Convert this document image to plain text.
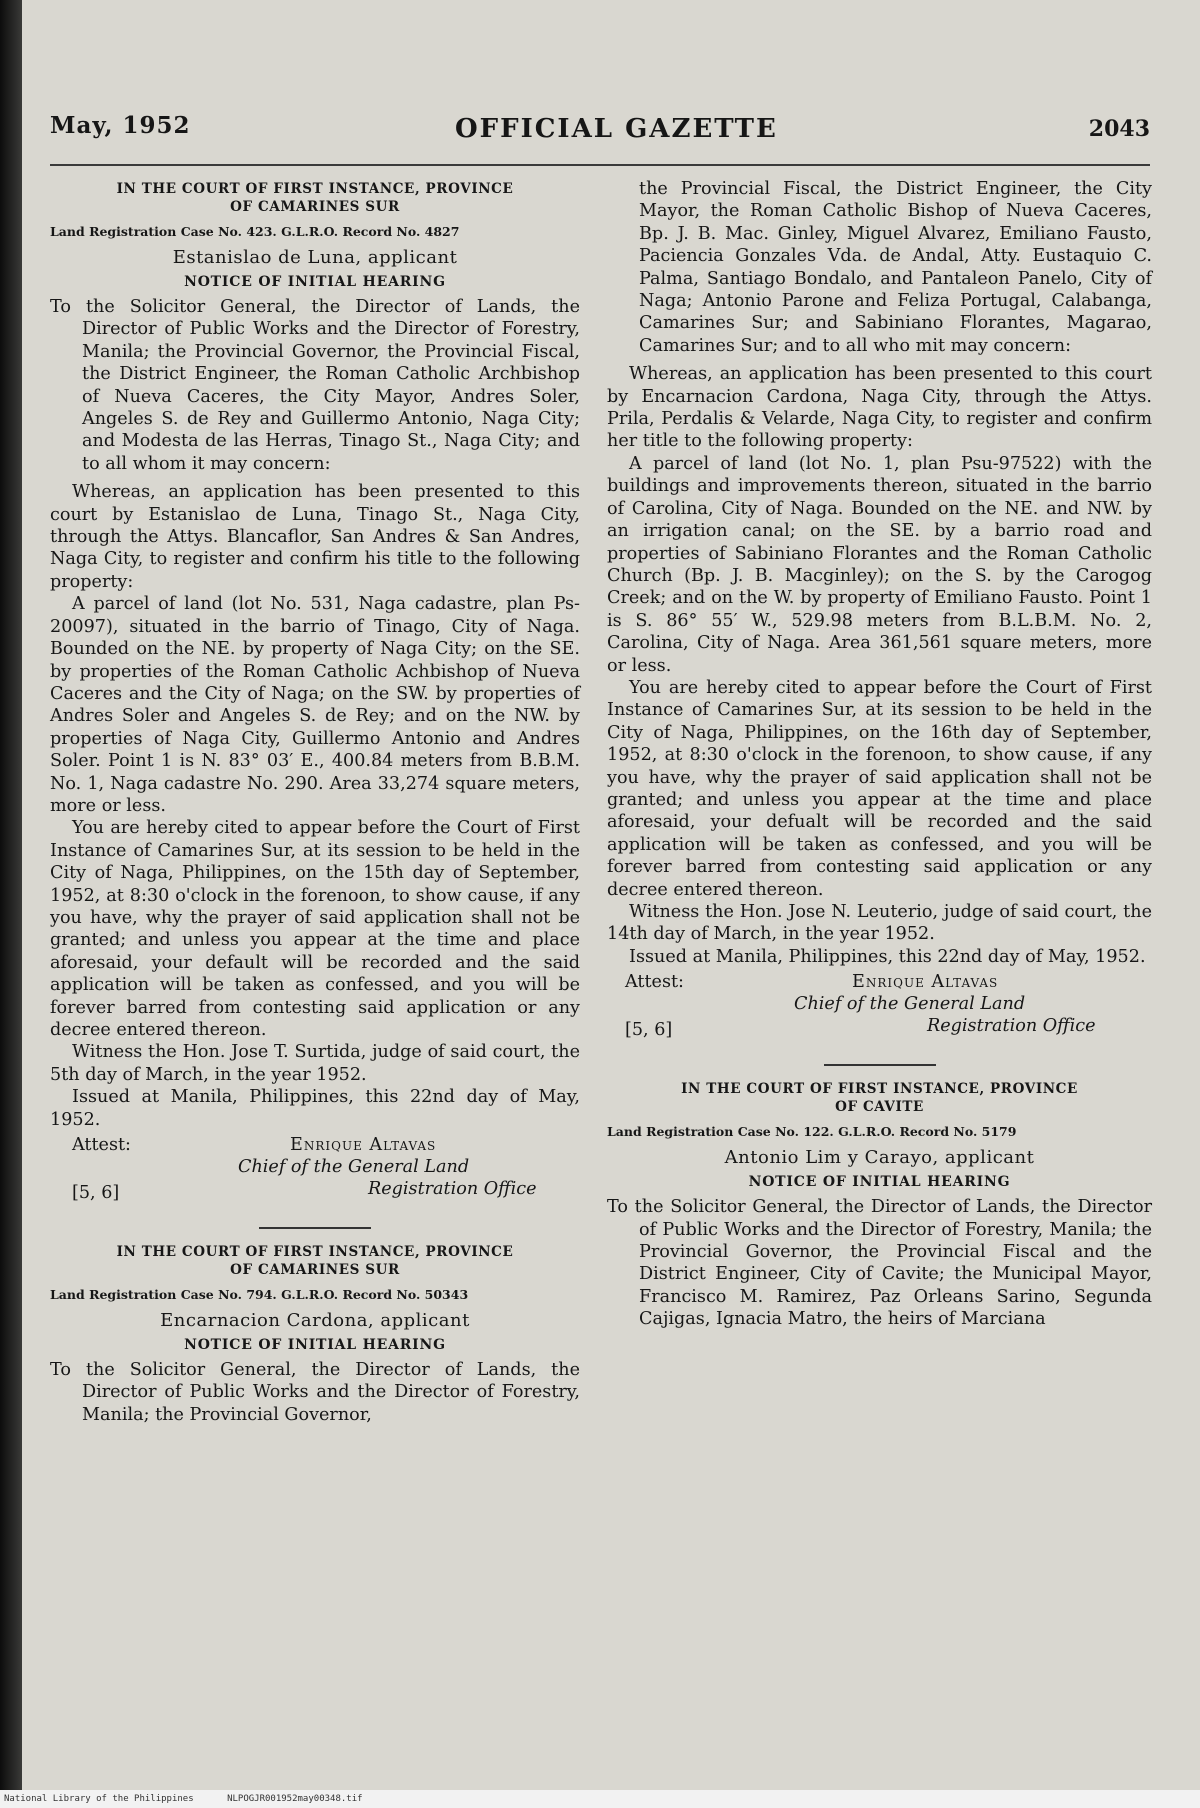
May, 1952	OFFICIAL GAZETTE	2043
IN THE COURT OF FIRST INSTANCE, PROVINCE
OF CAMARINES SUR
Land Registration Case No. 423. G.L.R.O. Record No. 4827
Estanislao de Luna, applicant
NOTICE OF INITIAL HEARING

To the Solicitor General, the Director of Lands, the Director of Public Works and the Director of Forestry, Manila; the Provincial Governor, the Provincial Fiscal, the District Engineer, the Roman Catholic Archbishop of Nueva Caceres, the City Mayor, Andres Soler, Angeles S. de Rey and Guillermo Antonio, Naga City; and Modesta de las Herras, Tinago St., Naga City; and to all whom it may concern:

Whereas, an application has been presented to this court by Estanislao de Luna, Tinago St., Naga City, through the Attys. Blancaflor, San Andres & San Andres, Naga City, to register and confirm his title to the following property:

A parcel of land (lot No. 531, Naga cadastre, plan Ps-20097), situated in the barrio of Tinago, City of Naga. Bounded on the NE. by property of Naga City; on the SE. by properties of the Roman Catholic Achbishop of Nueva Caceres and the City of Naga; on the SW. by properties of Andres Soler and Angeles S. de Rey; and on the NW. by properties of Naga City, Guillermo Antonio and Andres Soler. Point 1 is N. 83° 03′ E., 400.84 meters from B.B.M. No. 1, Naga cadastre No. 290. Area 33,274 square meters, more or less.

You are hereby cited to appear before the Court of First Instance of Camarines Sur, at its session to be held in the City of Naga, Philippines, on the 15th day of September, 1952, at 8:30 o'clock in the forenoon, to show cause, if any you have, why the prayer of said application shall not be granted; and unless you appear at the time and place aforesaid, your default will be recorded and the said application will be taken as confessed, and you will be forever barred from contesting said application or any decree entered thereon.

Witness the Hon. Jose T. Surtida, judge of said court, the 5th day of March, in the year 1952.

Issued at Manila, Philippines, this 22nd day of May, 1952.

Attest:	Enrique Altavas
Chief of the General Land
[5, 6]	Registration Office
IN THE COURT OF FIRST INSTANCE, PROVINCE
OF CAMARINES SUR
Land Registration Case No. 794. G.L.R.O. Record No. 50343
Encarnacion Cardona, applicant
NOTICE OF INITIAL HEARING

To the Solicitor General, the Director of Lands, the Director of Public Works and the Director of Forestry, Manila; the Provincial Governor,

the Provincial Fiscal, the District Engineer, the City Mayor, the Roman Catholic Bishop of Nueva Caceres, Bp. J. B. Mac. Ginley, Miguel Alvarez, Emiliano Fausto, Paciencia Gonzales Vda. de Andal, Atty. Eustaquio C. Palma, Santiago Bondalo, and Pantaleon Panelo, City of Naga; Antonio Parone and Feliza Portugal, Calabanga, Camarines Sur; and Sabiniano Florantes, Magarao, Camarines Sur; and to all who mit may concern:

Whereas, an application has been presented to this court by Encarnacion Cardona, Naga City, through the Attys. Prila, Perdalis & Velarde, Naga City, to register and confirm her title to the following property:

A parcel of land (lot No. 1, plan Psu-97522) with the buildings and improvements thereon, situated in the barrio of Carolina, City of Naga. Bounded on the NE. and NW. by an irrigation canal; on the SE. by a barrio road and properties of Sabiniano Florantes and the Roman Catholic Church (Bp. J. B. Macginley); on the S. by the Carogog Creek; and on the W. by property of Emiliano Fausto. Point 1 is S. 86° 55′ W., 529.98 meters from B.L.B.M. No. 2, Carolina, City of Naga. Area 361,561 square meters, more or less.

You are hereby cited to appear before the Court of First Instance of Camarines Sur, at its session to be held in the City of Naga, Philippines, on the 16th day of September, 1952, at 8:30 o'clock in the forenoon, to show cause, if any you have, why the prayer of said application shall not be granted; and unless you appear at the time and place aforesaid, your defualt will be recorded and the said application will be taken as confessed, and you will be forever barred from contesting said application or any decree entered thereon.

Witness the Hon. Jose N. Leuterio, judge of said court, the 14th day of March, in the year 1952.

Issued at Manila, Philippines, this 22nd day of May, 1952.

Attest:	Enrique Altavas
Chief of the General Land
[5, 6]	Registration Office
IN THE COURT OF FIRST INSTANCE, PROVINCE
OF CAVITE
Land Registration Case No. 122. G.L.R.O. Record No. 5179
Antonio Lim y Carayo, applicant
NOTICE OF INITIAL HEARING

To the Solicitor General, the Director of Lands, the Director of Public Works and the Director of Forestry, Manila; the Provincial Governor, the Provincial Fiscal and the District Engineer, City of Cavite; the Municipal Mayor, Francisco M. Ramirez, Paz Orleans Sarino, Segunda Cajigas, Ignacia Matro, the heirs of Marciana

National Library of the Philippines	NLPOGJR001952may00348.tif
